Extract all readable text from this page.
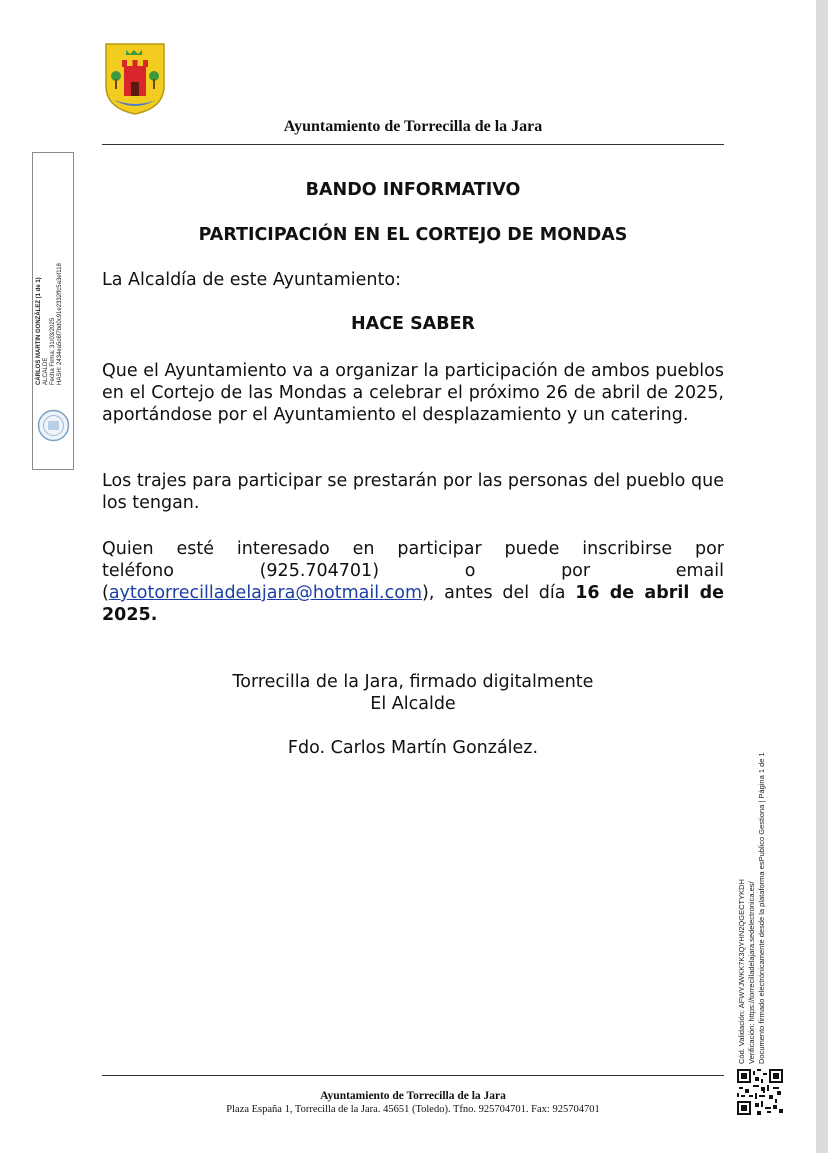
Ayuntamiento de Torrecilla de la Jara
CARLOS MARTIN GONZÁLEZ (1 de 1) ALCALDE Fecha Firma: 31/03/2025 HASH: 2434ea5c6f7bd0c91e2332ffc5a3ef118
BANDO INFORMATIVO
PARTICIPACIÓN EN EL CORTEJO DE MONDAS
La Alcaldía de este Ayuntamiento:
HACE SABER

Que el Ayuntamiento va a organizar la participación de ambos pueblos en el Cortejo de las Mondas a celebrar el próximo 26 de abril de 2025, aportándose por el Ayuntamiento el desplazamiento y un catering.

Los trajes para participar se prestarán por las personas del pueblo que los tengan.

Quien esté interesado en participar puede inscribirse por
teléfono	(925.704701)	o	por	email
(aytotorrecilladelajara@hotmail.com), antes del día 16 de abril de 2025.
Torrecilla de la Jara, firmado digitalmente
El Alcalde
Fdo. Carlos Martín González.
Cód. Validación: AFWYJWKK7K3QYHN2QGECTYKDH Verificación: https://torrecilladelajara.sedelectronica.es/ Documento firmado electrónicamente desde la plataforma esPublico Gestiona | Página 1 de 1
Ayuntamiento de Torrecilla de la Jara
Plaza España 1, Torrecilla de la Jara. 45651 (Toledo). Tfno. 925704701. Fax: 925704701
